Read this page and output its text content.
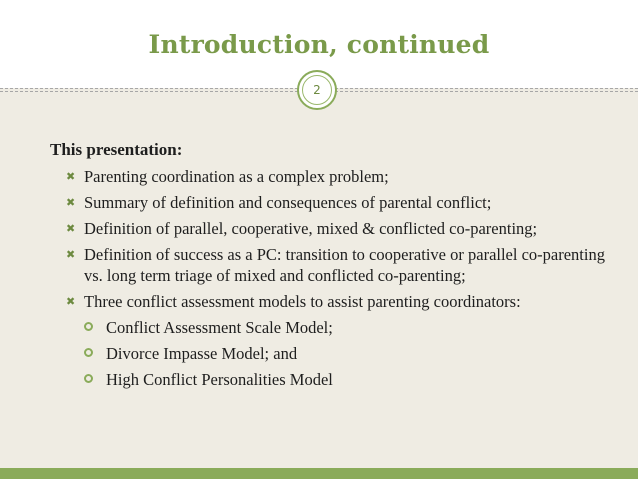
Introduction, continued
2
This presentation:
✖ Parenting coordination as a complex problem;
✖ Summary of definition and consequences of parental conflict;
✖ Definition of parallel, cooperative, mixed & conflicted co-parenting;
✖ Definition of success as a PC: transition to cooperative or parallel co-parenting vs. long term triage of mixed and conflicted co-parenting;
✖ Three conflict assessment models to assist parenting coordinators:
Conflict Assessment Scale Model;
Divorce Impasse Model; and
High Conflict Personalities Model
